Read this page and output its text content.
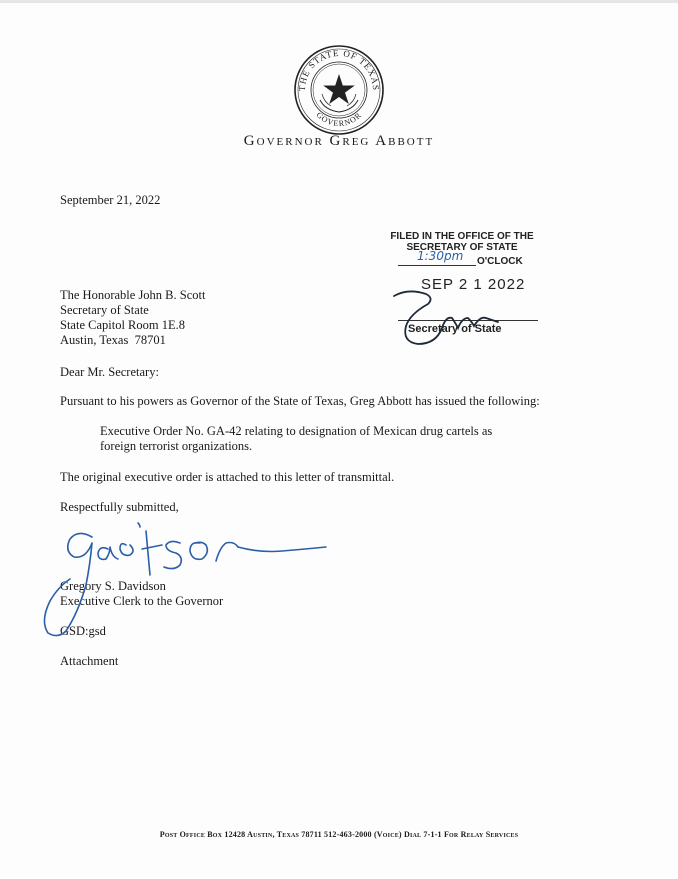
THE STATE OF TEXAS
GOVERNOR
Governor Greg Abbott
September 21, 2022
FILED IN THE OFFICE OF THE
SECRETARY OF STATE
1:30pm O'CLOCK
SEP 2 1 2022
Secretary of State
The Honorable John B. Scott
Secretary of State
State Capitol Room 1E.8
Austin, Texas  78701
Dear Mr. Secretary:
Pursuant to his powers as Governor of the State of Texas, Greg Abbott has issued the following:
Executive Order No. GA-42 relating to designation of Mexican drug cartels as
foreign terrorist organizations.
The original executive order is attached to this letter of transmittal.
Respectfully submitted,
Gregory S. Davidson
Executive Clerk to the Governor
GSD:gsd
Attachment
Post Office Box 12428 Austin, Texas 78711 512-463-2000 (Voice) Dial 7-1-1 For Relay Services
